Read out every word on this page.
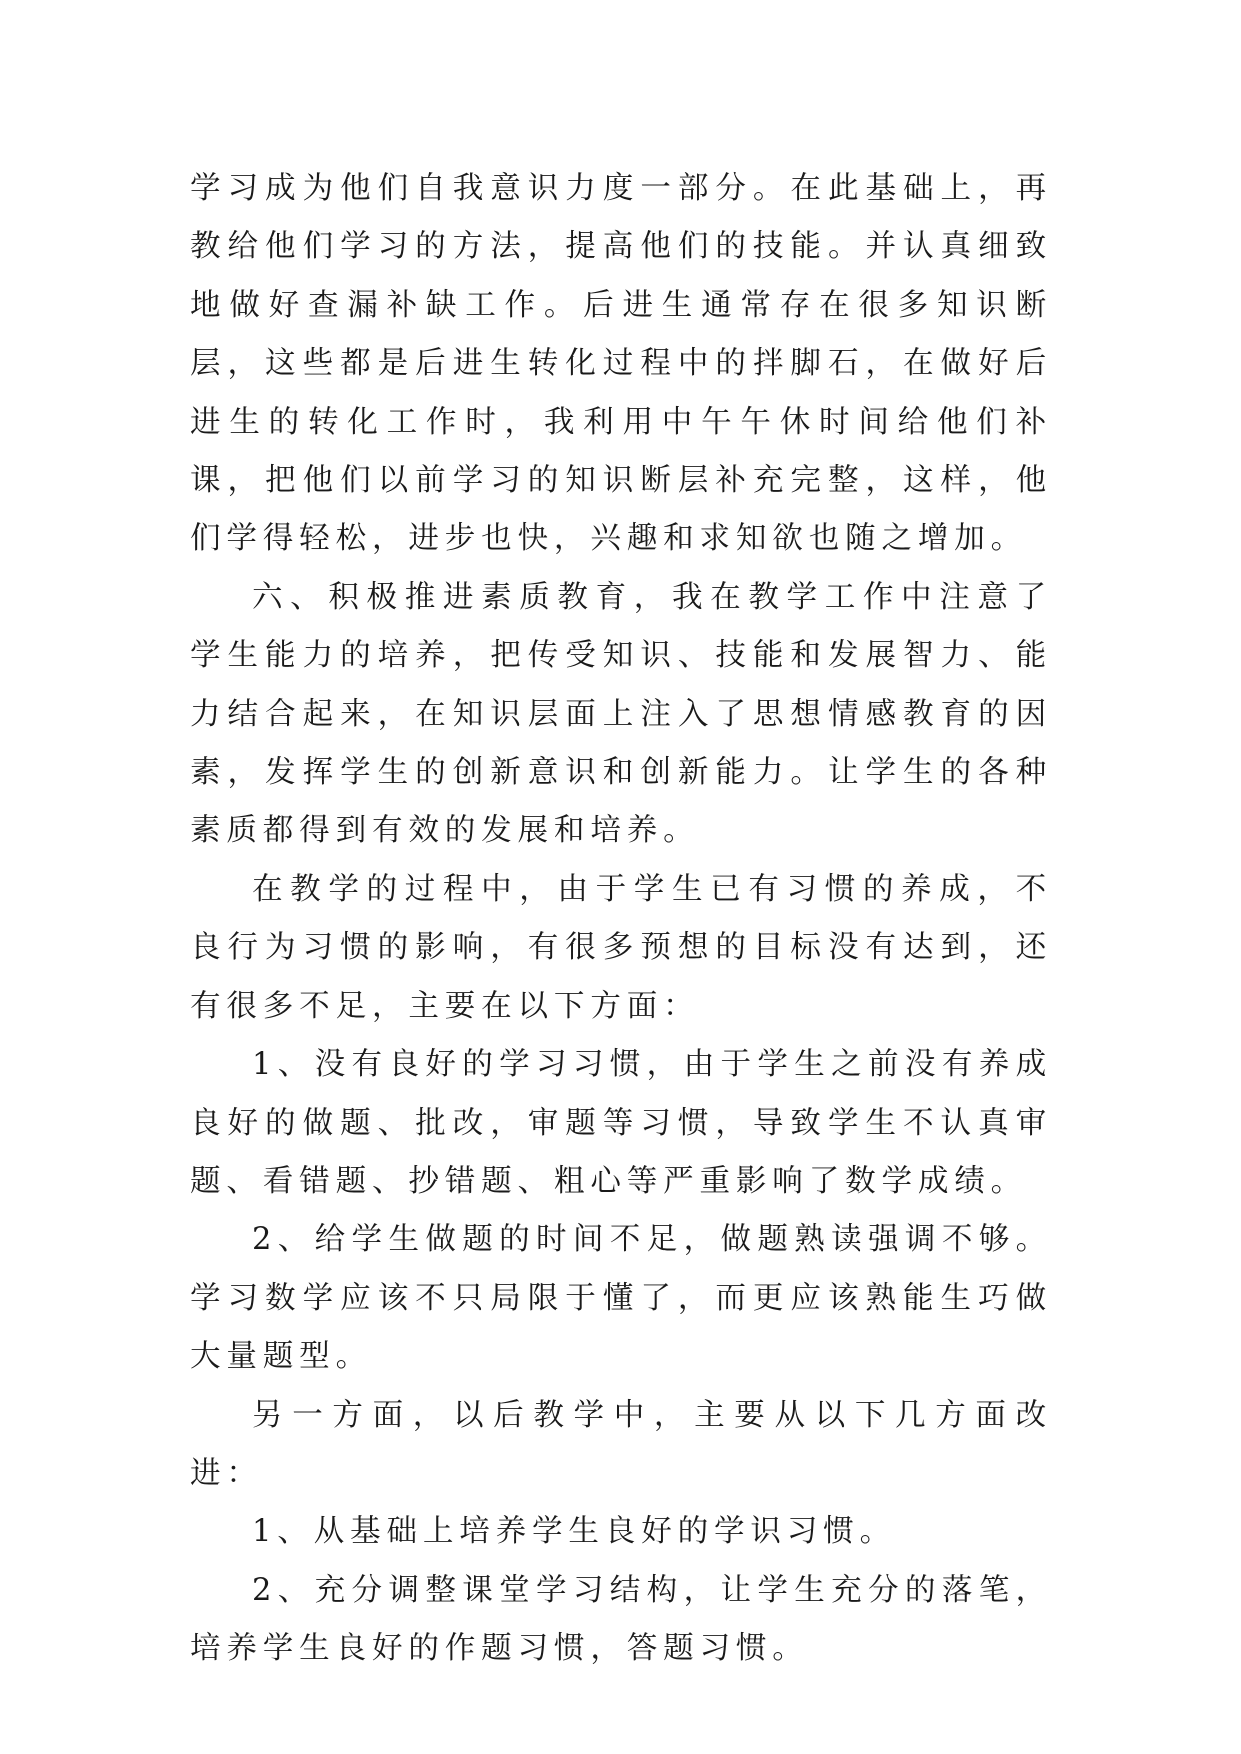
学习成为他们自我意识力度一部分。在此基础上，再教给他们学习的方法，提高他们的技能。并认真细致地做好查漏补缺工作。后进生通常存在很多知识断层，这些都是后进生转化过程中的拌脚石，在做好后进生的转化工作时，我利用中午午休时间给他们补课，把他们以前学习的知识断层补充完整，这样，他们学得轻松，进步也快，兴趣和求知欲也随之增加。

六、积极推进素质教育，我在教学工作中注意了学生能力的培养，把传受知识、技能和发展智力、能力结合起来，在知识层面上注入了思想情感教育的因素，发挥学生的创新意识和创新能力。让学生的各种素质都得到有效的发展和培养。

在教学的过程中，由于学生已有习惯的养成，不良行为习惯的影响，有很多预想的目标没有达到，还有很多不足，主要在以下方面：

1、没有良好的学习习惯，由于学生之前没有养成良好的做题、批改，审题等习惯，导致学生不认真审题、看错题、抄错题、粗心等严重影响了数学成绩。

2、给学生做题的时间不足，做题熟读强调不够。学习数学应该不只局限于懂了，而更应该熟能生巧做大量题型。

另一方面，以后教学中，主要从以下几方面改进：

1、从基础上培养学生良好的学识习惯。

2、充分调整课堂学习结构，让学生充分的落笔，培养学生良好的作题习惯，答题习惯。
